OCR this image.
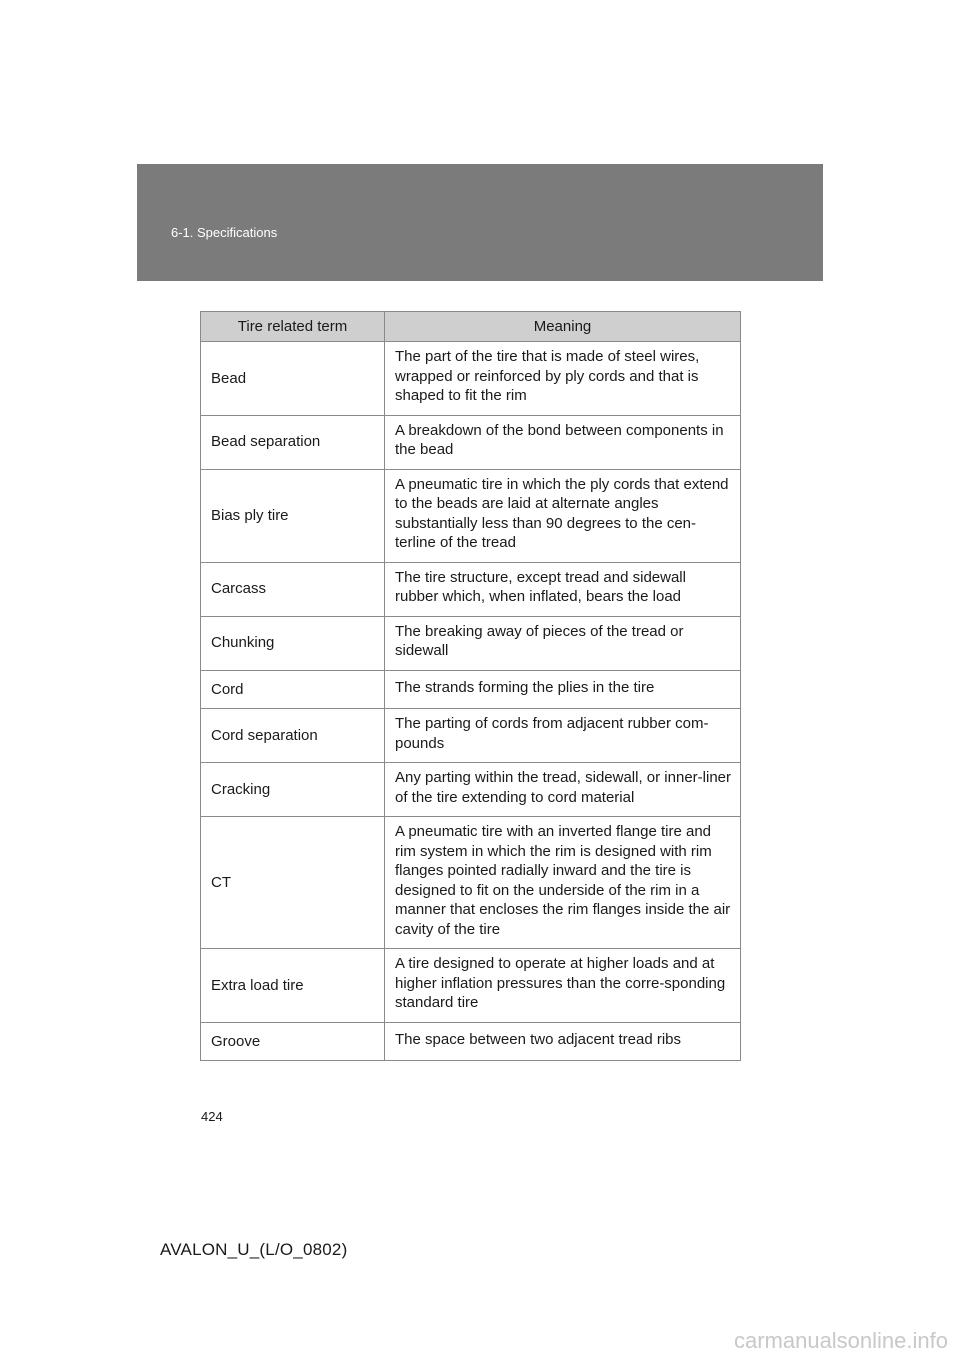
6-1. Specifications
Tire related term	Meaning
Bead	The part of the tire that is made of steel wires, wrapped or reinforced by ply cords and that is shaped to fit the rim
Bead separation	A breakdown of the bond between components in the bead
Bias ply tire	A pneumatic tire in which the ply cords that extend to the beads are laid at alternate angles substantially less than 90 degrees to the cen-terline of the tread
Carcass	The tire structure, except tread and sidewall rubber which, when inflated, bears the load
Chunking	The breaking away of pieces of the tread or sidewall
Cord	The strands forming the plies in the tire
Cord separation	The parting of cords from adjacent rubber com-pounds
Cracking	Any parting within the tread, sidewall, or inner-liner of the tire extending to cord material
CT	A pneumatic tire with an inverted flange tire and rim system in which the rim is designed with rim flanges pointed radially inward and the tire is designed to fit on the underside of the rim in a manner that encloses the rim flanges inside the air cavity of the tire
Extra load tire	A tire designed to operate at higher loads and at higher inflation pressures than the corre-sponding standard tire
Groove	The space between two adjacent tread ribs
424
AVALON_U_(L/O_0802)
carmanualsonline.info
